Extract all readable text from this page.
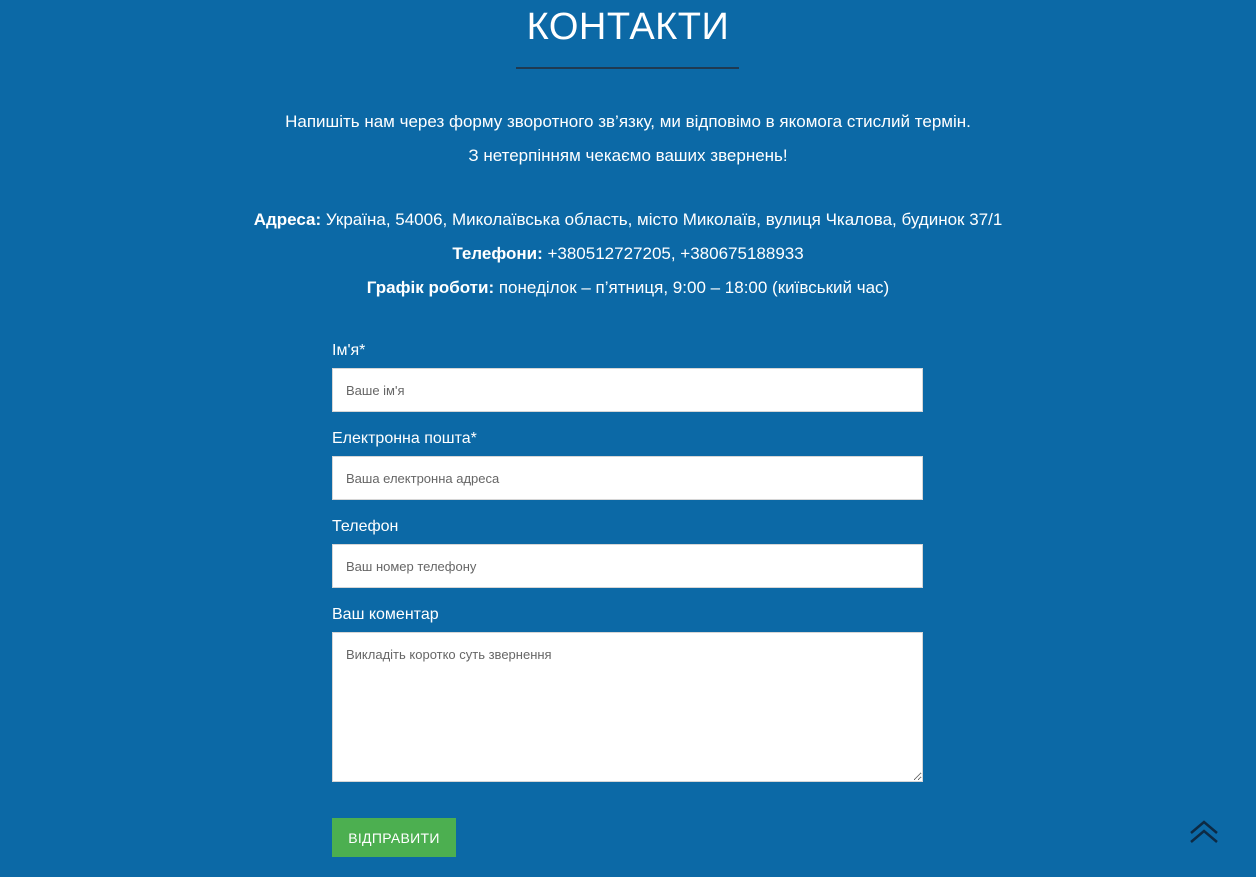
КОНТАКТИ
Напишіть нам через форму зворотного зв’язку, ми відповімо в якомога стислий термін.
З нетерпінням чекаємо ваших звернень!
Адреса: Україна, 54006, Миколаївська область, місто Миколаїв, вулиця Чкалова, будинок 37/1
Телефони: +380512727205, +380675188933
Графік роботи: понеділок – п’ятниця, 9:00 – 18:00 (київський час)
Ім'я*
Ваше ім'я
Електронна пошта*
Ваша електронна адреса
Телефон
Ваш номер телефону
Ваш коментар
Викладіть коротко суть звернення
ВІДПРАВИТИ
